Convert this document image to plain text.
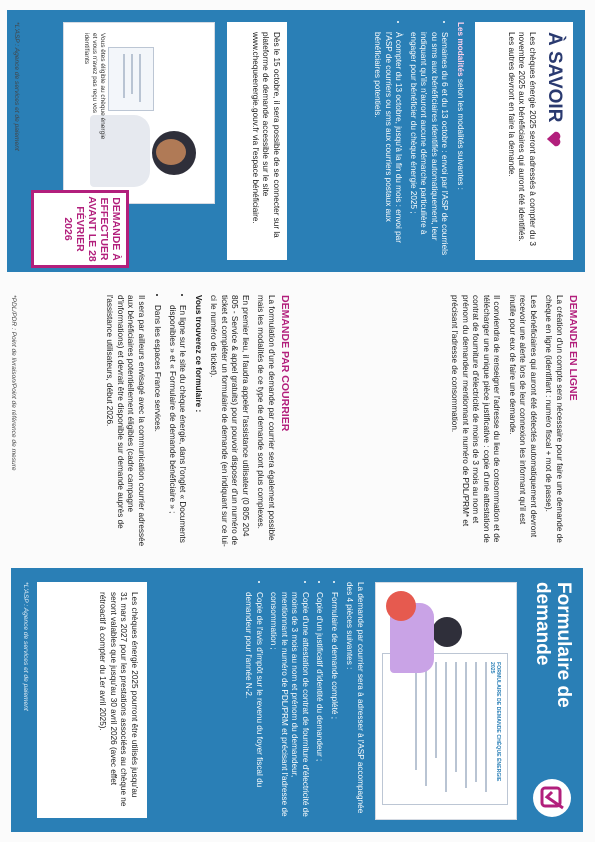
À SAVOIR

Les chèques énergie 2025 seront adressés à compter du 3 novembre 2025 aux bénéficiaires qui auront été identifiés. Les autres devront en faire la demande.

Les modalités selon les modalités suivantes :

• Semaines du 6 et du 13 octobre : envoi par l'ASP de courriels ou sms aux bénéficiaires identifiés automatiquement, leur indiquant qu'ils n'auront aucune démarche particulière à engager pour bénéficier du chèque énergie 2025 ;
• À compter du 13 octobre, jusqu'à la fin du mois : envoi par l'ASP de courriers ou sms aux courriers postaux aux bénéficiaires potentiels.

Dès le 15 octobre, il sera possible de se connecter sur la plateforme de demande accessible sur le site www.chequeenergie.gouv.fr via l'espace bénéficiaire.

Vous êtes éligible au chèque énergie et vous n'avez pas reçu vos identifiants
DEMANDE À EFFECTUER AVANT LE 28 FÉVRIER 2026
*L'ASP : Agence de services et de paiement
DEMANDE EN LIGNE

La création d'un compte sera nécessaire pour faire une demande de chèque en ligne (identifiant : numéro fiscal + mot de passe).

Les bénéficiaires qui auront été détectés automatiquement devront recevoir une alerte lors de leur connexion les informant qu'il est inutile pour eux de faire une demande.

Il conviendra de renseigner l'adresse du lieu de consommation et de télécharger une unique pièce justificative : copie d'une attestation de contrat de fourniture d'électricité de moins de 3 mois au nom et prénom du demandeur mentionnant le numéro de PDL/PRM* et précisant l'adresse de consommation.

DEMANDE PAR COURRIER

La formulation d'une demande par courrier sera également possible mais les modalités de ce type de demande sont plus complexes.

En premier lieu, il faudra appeler l'assistance utilisateur (0 805 204 805 - Service & appel gratuits) pour pouvoir disposer d'un numéro de ticket et compléter un formulaire de demande (en indiquant sur ce lui-ci le numéro de ticket).

Vous trouverez ce formulaire :

• En ligne sur le site du chèque énergie, dans l'onglet « Documents disponibles » et « Formulaire de demande bénéficiaire » ;
• Dans les espaces France services.

Il sera par ailleurs envisagé avec la communication courrier adressée aux bénéficiaires potentiellement éligibles (cadre campagne d'informations) et devrait être disponible sur demande auprès de l'assistance utilisateurs, début 2026.

*PDL/PDR : Point de livraison/Point de référence de mesure
Formulaire de demande
FORMULAIRE DE DEMANDE CHÈQUE ÉNERGIE 2025

La demande par courrier sera à adresser à l'ASP accompagnée des 4 pièces suivantes :

• Formulaire de demande complété ;
• Copie d'un justificatif d'identité du demandeur ;
• Copie d'une attestation de contrat de fourniture d'électricité de moins de 3 mois au nom et prénom du demandeur, mentionnant le numéro de PDL/PRM et précisant l'adresse de consommation ;
• Copie de l'avis d'impôt sur le revenu du foyer fiscal du demandeur pour l'année N-2.

Les chèques énergie 2025 pourront être utilisés jusqu'au 31 mars 2027 pour les prestations associées au chèque ne seront valables que jusqu'au 30 avril 2026 (avec effet rétroactif à compter du 1er avril 2025).

*L'ASP : Agence de services et de paiement
